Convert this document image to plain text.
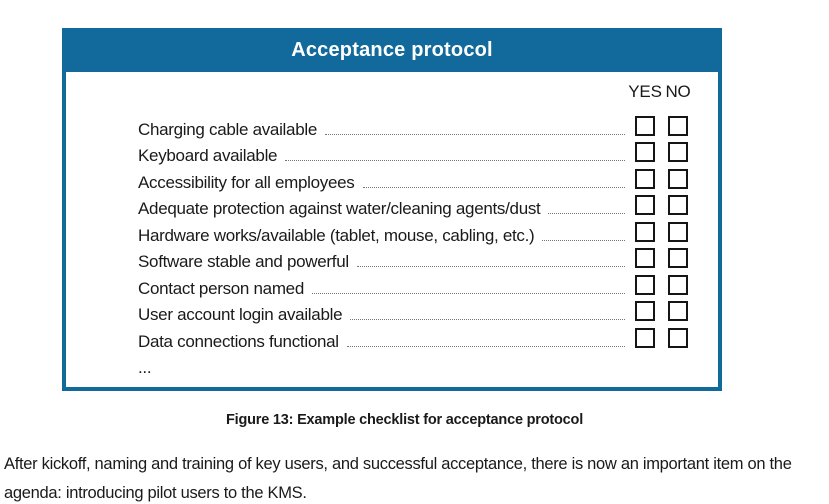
Acceptance protocol
YES NO
Charging cable available
Keyboard available
Accessibility for all employees
Adequate protection against water/cleaning agents/dust
Hardware works/available (tablet, mouse, cabling, etc.)
Software stable and powerful
Contact person named
User account login available
Data connections functional
...
Figure 13: Example checklist for acceptance protocol
After kickoff, naming and training of key users, and successful acceptance, there is now an important item on the agenda: introducing pilot users to the KMS.
